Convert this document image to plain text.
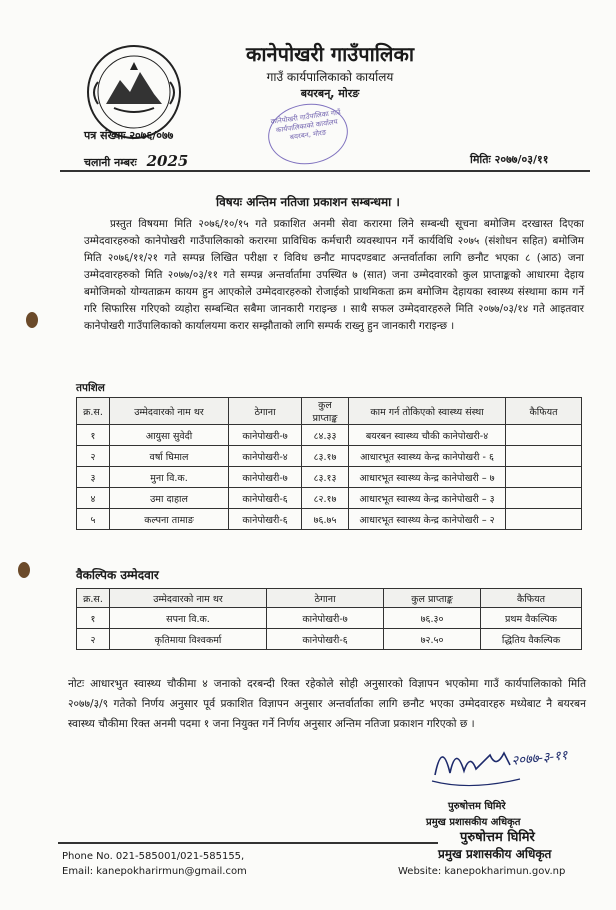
कानेपोखरी गाउँपालिका
गाउँ कार्यपालिकाको कार्यालय
बयरबन्, मोरङ
कानेपोखरी गाउँपालिका गाउँ कार्यपालिकाको कार्यालय बयरबन, मोरङ
पत्र संख्याः २०७६/०७७
चलानी नम्बरः 2025	मितिः २०७७/०३/११
विषयः अन्तिम नतिजा प्रकाशन सम्बन्धमा ।
प्रस्तुत विषयमा मिति २०७६/१०/१५ गते प्रकाशित अनमी सेवा करारमा लिने सम्बन्धी सूचना बमोजिम दरखास्त दिएका उम्मेदवारहरुको कानेपोखरी गाउँपालिकाको करारमा प्राविधिक कर्मचारी व्यवस्थापन गर्ने कार्यविधि २०७५ (संशोधन सहित) बमोजिम मिति २०७६/११/२१ गते सम्पन्न लिखित परीक्षा र विविध छनौट मापदण्डबाट अन्तर्वार्ताका लागि छनौट भएका ८ (आठ) जना उम्मेदवारहरुको मिति २०७७/०३/११ गते सम्पन्न अन्तर्वार्तामा उपस्थित ७ (सात) जना उम्मेदवारको कुल प्राप्ताङ्कको आधारमा देहाय बमोजिमको योग्यताक्रम कायम हुन आएकोले उम्मेदवारहरुको रोजाईको प्राथमिकता क्रम बमोजिम देहायका स्वास्थ्य संस्थामा काम गर्ने गरि सिफारिस गरिएको व्यहोरा सम्बन्धित सबैमा जानकारी गराइन्छ । साथै सफल उम्मेदवारहरुले मिति २०७७/०३/१४ गते आइतवार कानेपोखरी गाउँपालिकाको कार्यालयमा करार सम्झौताको लागि सम्पर्क राख्नु हुन जानकारी गराइन्छ ।
तपशिल
क्र.स.	उम्मेदवारको नाम थर	ठेगाना	कुल प्राप्ताङ्क	काम गर्न तोकिएको स्वास्थ्य संस्था	कैफियत
१	आयुसा सुवेदी	कानेपोखरी-७	८४.३३	बयरबन स्वास्थ्य चौकी कानेपोखरी-४	
२	वर्षा घिमाल	कानेपोखरी-४	८३.१७	आधारभूत स्वास्थ्य केन्द्र कानेपोखरी - ६	
३	मुना वि.क.	कानेपोखरी-७	८३.१३	आधारभूत स्वास्थ्य केन्द्र कानेपोखरी – ७	
४	उमा दाहाल	कानेपोखरी-६	८२.१७	आधारभूत स्वास्थ्य केन्द्र कानेपोखरी – ३	
५	कल्पना तामाङ	कानेपोखरी-६	७६.७५	आधारभूत स्वास्थ्य केन्द्र कानेपोखरी – २	
वैकल्पिक उम्मेदवार
क्र.स.	उम्मेदवारको नाम थर	ठेगाना	कुल प्राप्ताङ्क	कैफियत
१	सपना वि.क.	कानेपोखरी-७	७६.३०	प्रथम वैकल्पिक
२	कृतिमाया विश्वकर्मा	कानेपोखरी-६	७२.५०	द्धितिय वैकल्पिक
नोटः आधारभुत स्वास्थ्य चौकीमा ४ जनाको दरबन्दी रिक्त रहेकोले सोही अनुसारको विज्ञापन भएकोमा गाउँ कार्यपालिकाको मिति २०७७/३/९ गतेको निर्णय अनुसार पूर्व प्रकाशित विज्ञापन अनुसार अन्तर्वार्ताका लागि छनौट भएका उम्मेदवारहरु मध्येबाट नै बयरबन स्वास्थ्य चौकीमा रिक्त अनमी पदमा १ जना नियुक्त गर्ने निर्णय अनुसार अन्तिम नतिजा प्रकाशन गरिएको छ ।
२०७७-३-११
पुरुषोत्तम घिमिरे
प्रमुख प्रशासकीय अधिकृत
पुरुषोत्तम घिमिरे
प्रमुख प्रशासकीय अधिकृत
Phone No. 021-585001/021-585155,
Email: kanepokharirmun@gmail.com	Website: kanepokharimun.gov.np
